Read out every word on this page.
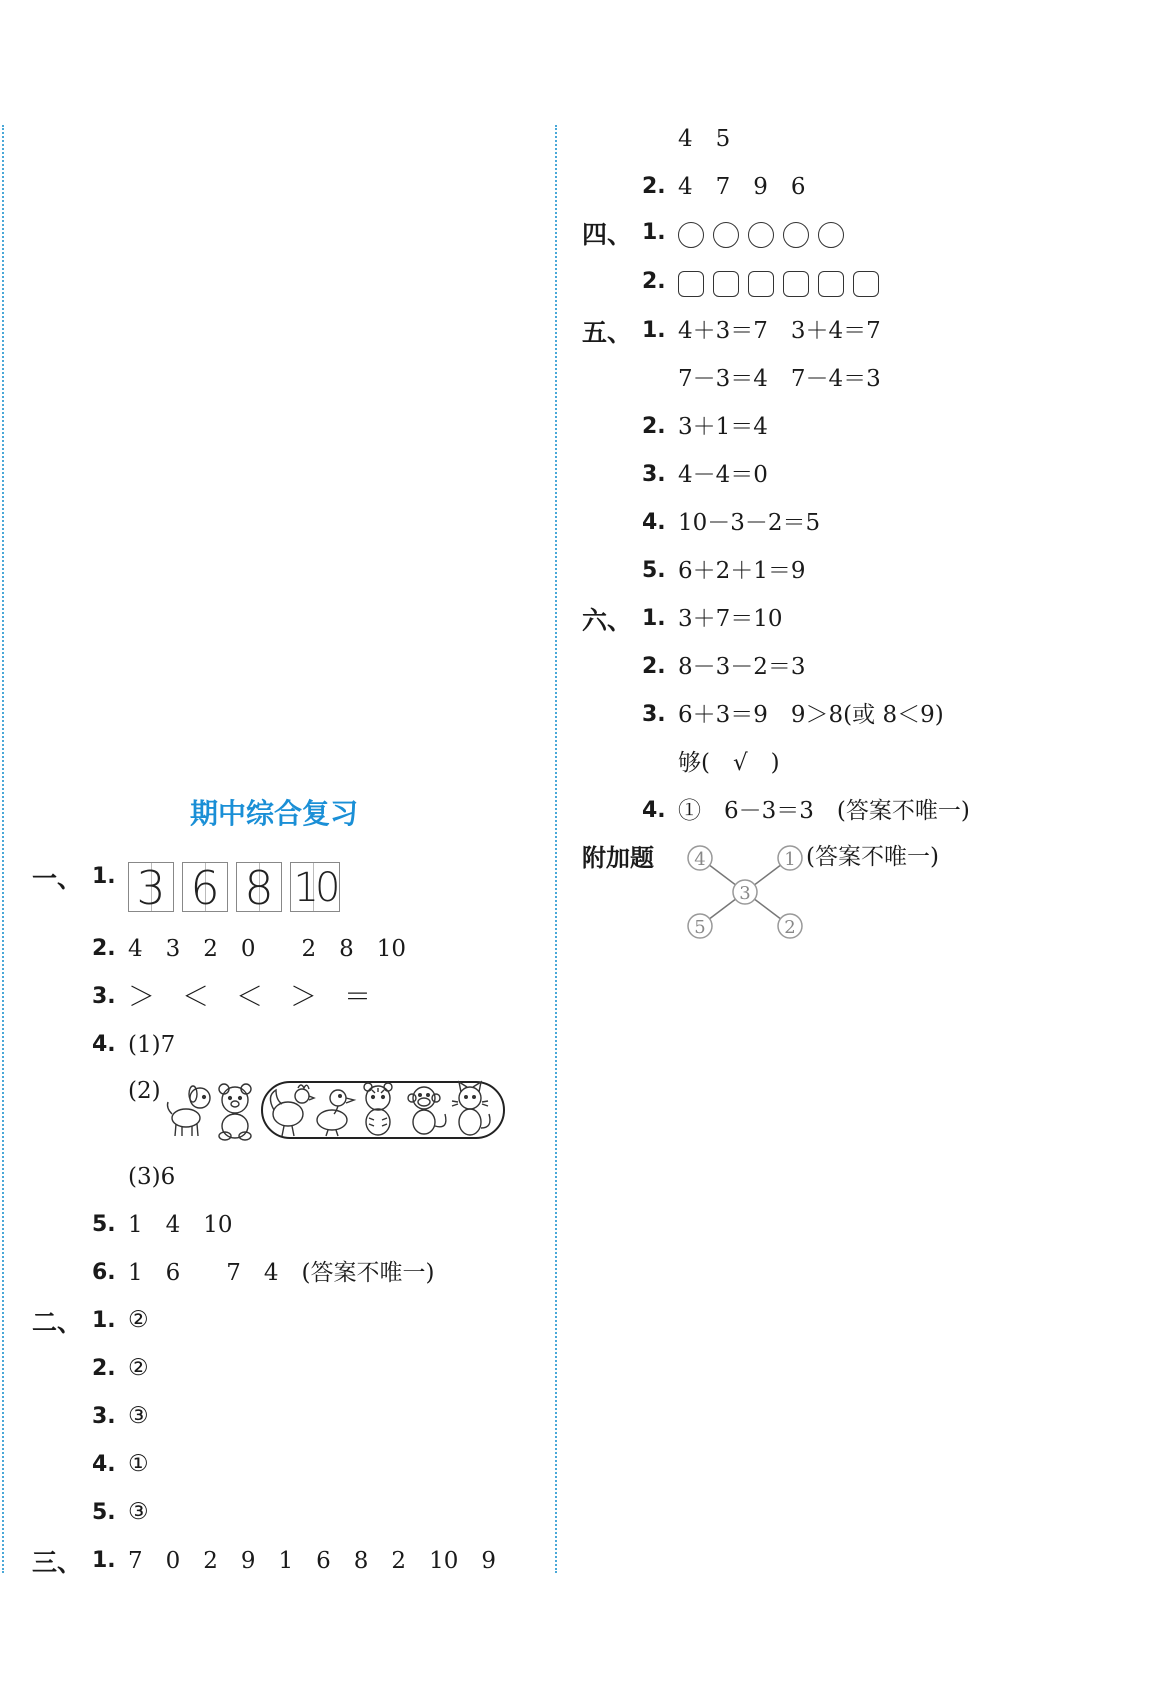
4　5
2. 4　7　9　6
四、 1.
2.
五、 1. 4＋3＝7　3＋4＝7
7－3＝4　7－4＝3
2. 3＋1＝4
3. 4－4＝0
4. 10－3－2＝5
5. 6＋2＋1＝9
六、 1. 3＋7＝10
2. 8－3－2＝3
3. 6＋3＝9　9＞8(或 8＜9)
够(　√　)
4. ①　6－3＝3　(答案不唯一)
附加题	(答案不唯一)
4	1
3
5	2
期中综合复习
一、 1. 3 6 8 10
2. 4　3　2　0　　2　8　10
3. ＞　＜　＜　＞　＝
4. (1)7
(2)
(3)6
5. 1　4　10
6. 1　6　　7　4　(答案不唯一)
二、 1. ②
2. ②
3. ③
4. ①
5. ③
三、 1. 7　0　2　9　1　6　8　2　10　9
